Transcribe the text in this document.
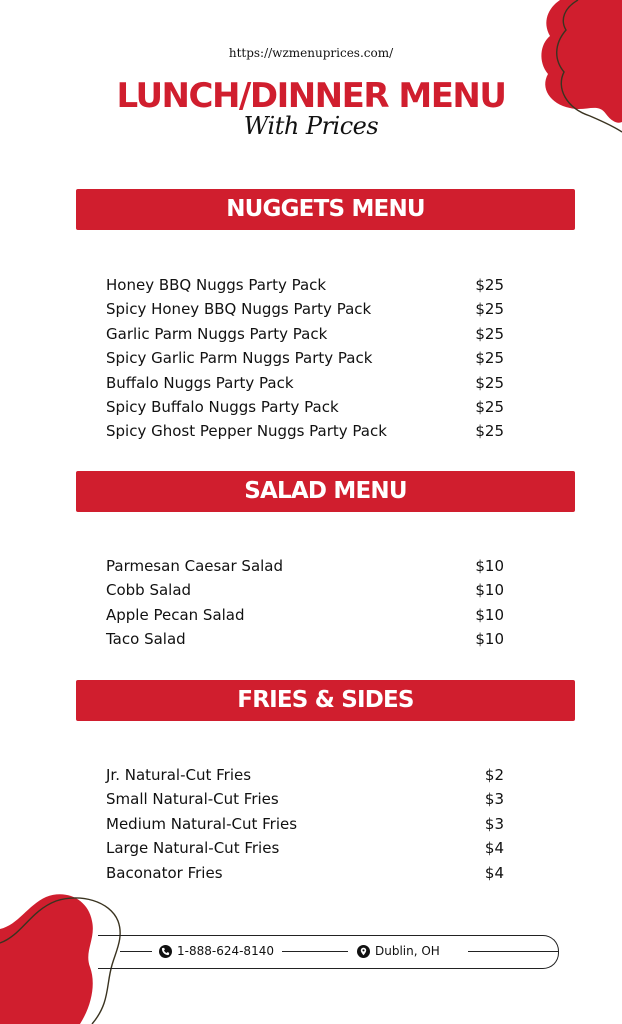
https://wzmenuprices.com/
LUNCH/DINNER MENU
With Prices
NUGGETS MENU
Honey BBQ Nuggs Party Pack	$25
Spicy Honey BBQ Nuggs Party Pack	$25
Garlic Parm Nuggs Party Pack	$25
Spicy Garlic Parm Nuggs Party Pack	$25
Buffalo Nuggs Party Pack	$25
Spicy Buffalo Nuggs Party Pack	$25
Spicy Ghost Pepper Nuggs Party Pack	$25
SALAD MENU
Parmesan Caesar Salad	$10
Cobb Salad	$10
Apple Pecan Salad	$10
Taco Salad	$10
FRIES & SIDES
Jr. Natural-Cut Fries	$2
Small Natural-Cut Fries	$3
Medium Natural-Cut Fries	$3
Large Natural-Cut Fries	$4
Baconator Fries	$4
1-888-624-8140	Dublin, OH
